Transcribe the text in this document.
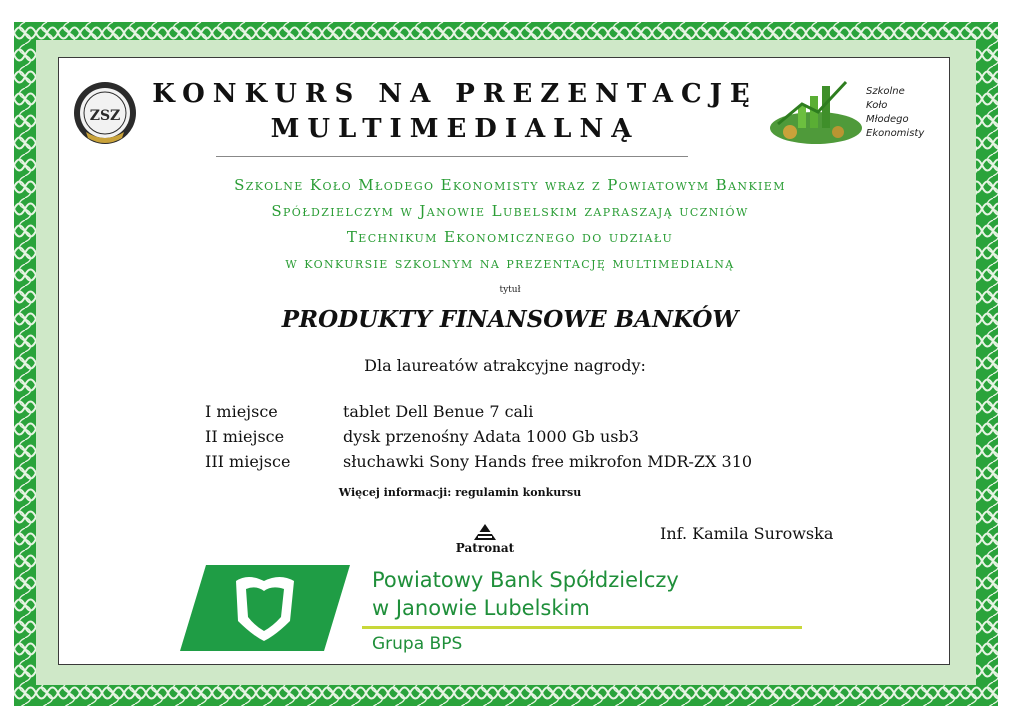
ZSZ
KONKURS NA PREZENTACJĘ
MULTIMEDIALNĄ
Szkolne
Koło
Młodego
Ekonomisty
Szkolne Koło Młodego Ekonomisty wraz z Powiatowym Bankiem
Spółdzielczym w Janowie Lubelskim zapraszają uczniów
Technikum Ekonomicznego do udziału
w konkursie szkolnym na prezentację multimedialną
tytuł
PRODUKTY FINANSOWE BANKÓW
Dla laureatów atrakcyjne nagrody:
I miejsce	tablet Dell Benue 7 cali
II miejsce	dysk przenośny Adata 1000 Gb usb3
III miejsce	słuchawki Sony Hands free mikrofon MDR-ZX 310
Więcej informacji: regulamin konkursu
Patronat
Inf. Kamila Surowska
Powiatowy Bank Spółdzielczy
w Janowie Lubelskim
Grupa BPS
